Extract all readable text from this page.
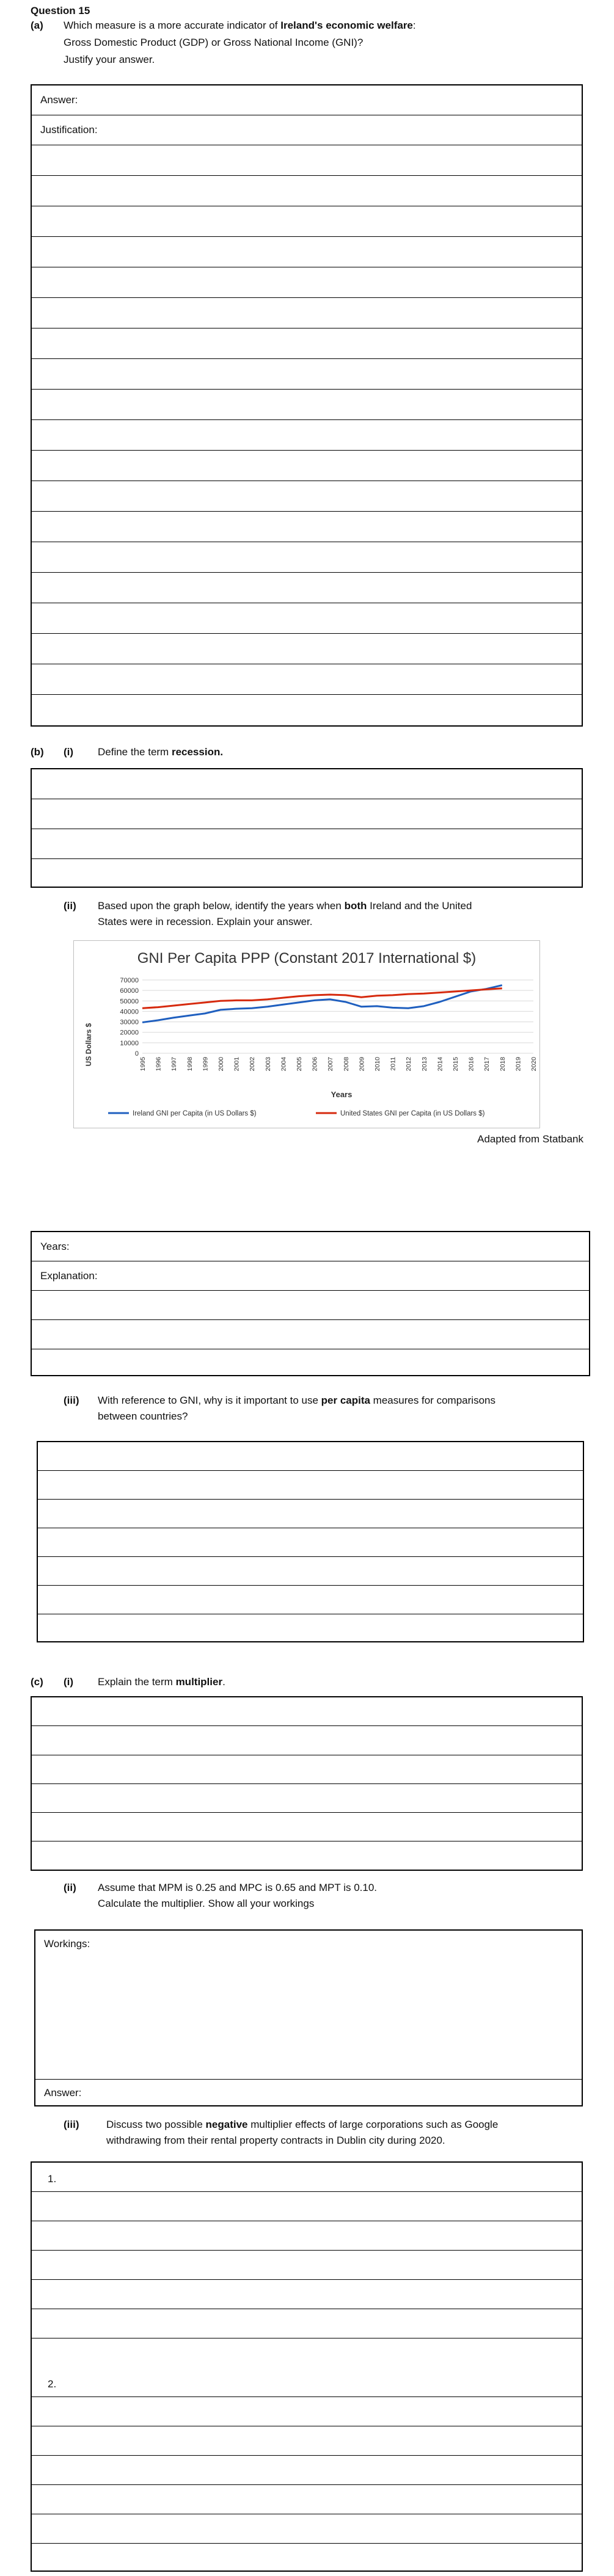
Question 15
(a) Which measure is a more accurate indicator of Ireland's economic welfare:
Gross Domestic Product (GDP) or Gross National Income (GNI)?
Justify your answer.
Answer:
Justification:
(b) (i) Define the term recession.
(ii) Based upon the graph below, identify the years when both Ireland and the United
States were in recession. Explain your answer.
GNI Per Capita PPP (Constant 2017 International $)
US Dollars $
Years
0
10000
20000
30000
40000
50000
60000
70000
1995 1996 1997 1998 1999 2000 2001 2002 2003 2004 2005 2006 2007 2008 2009 2010 2011 2012 2013 2014 2015 2016 2017 2018 2019 2020
Ireland GNI per Capita (in US Dollars $)	United States GNI per Capita (in US Dollars $)
Adapted from Statbank
Years:
Explanation:
(iii) With reference to GNI, why is it important to use per capita measures for comparisons
between countries?
(c) (i) Explain the term multiplier.
(ii) Assume that MPM is 0.25 and MPC is 0.65 and MPT is 0.10.
Calculate the multiplier. Show all your workings
Workings:
Answer:
(iii)	Discuss two possible negative multiplier effects of large corporations such as Google
withdrawing from their rental property contracts in Dublin city during 2020.
1.
2.
